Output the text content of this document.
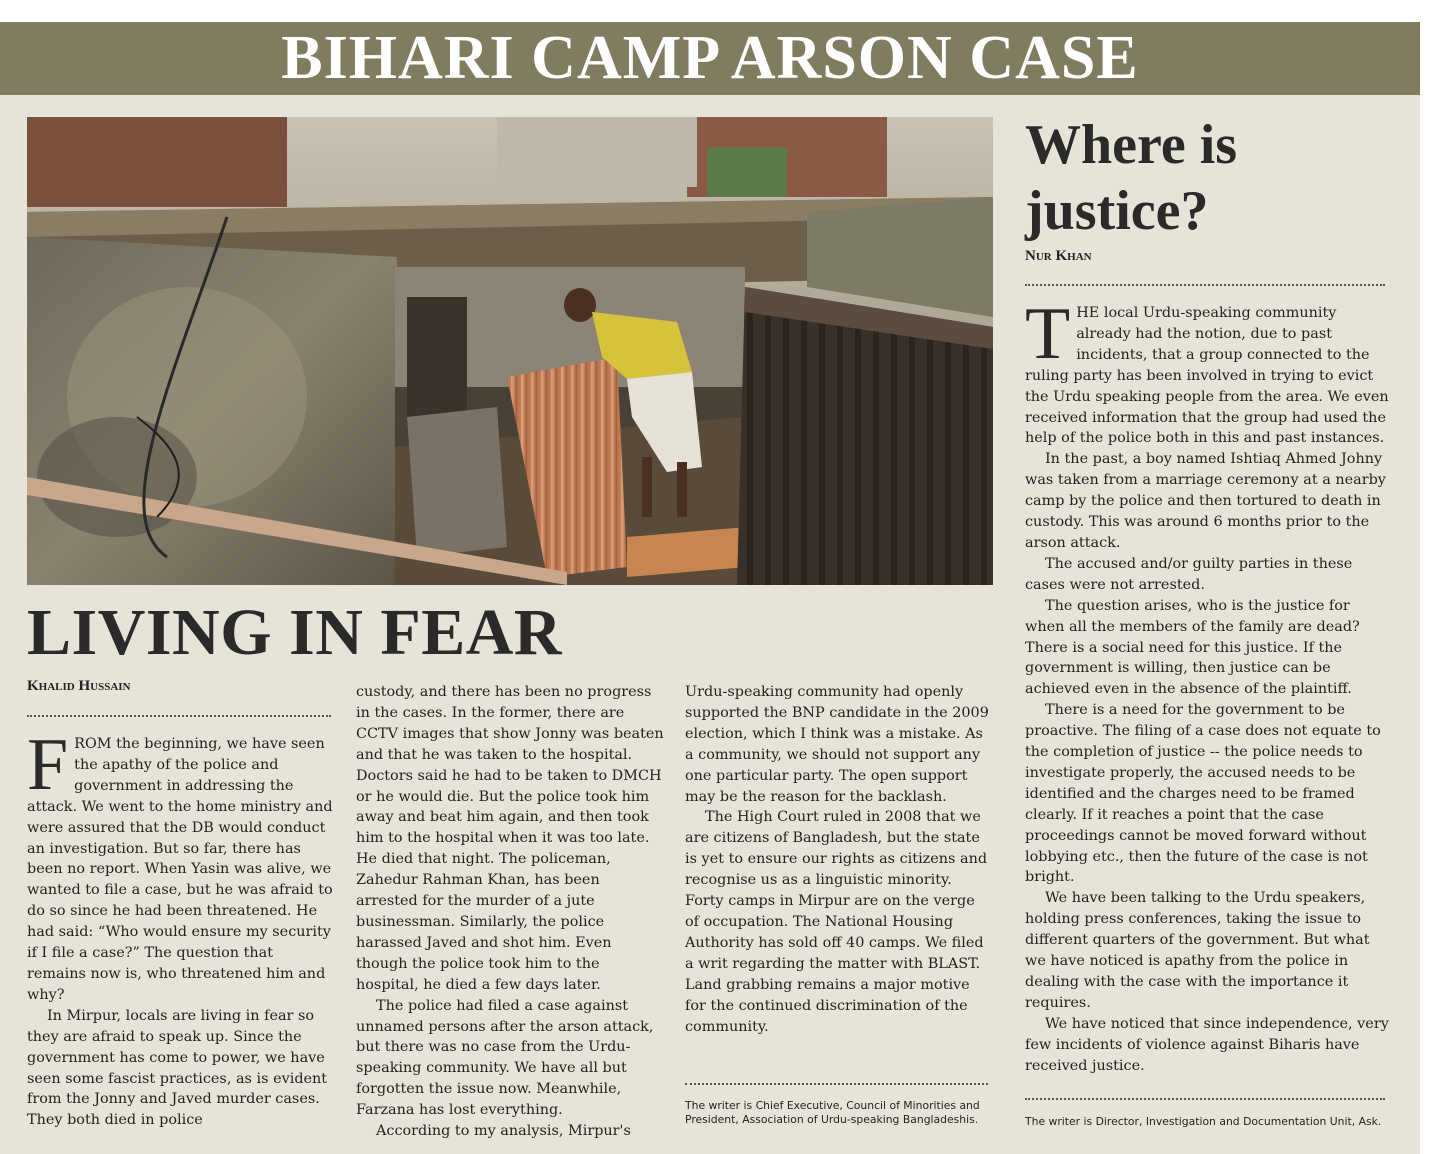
BIHARI CAMP ARSON CASE
LIVING IN FEAR
Khalid Hussain

FROM the beginning, we have seen the apathy of the police and government in addressing the attack. We went to the home ministry and were assured that the DB would conduct an investigation. But so far, there has been no report. When Yasin was alive, we wanted to file a case, but he was afraid to do so since he had been threatened. He had said: “Who would ensure my security if I file a case?” The question that remains now is, who threatened him and why?

In Mirpur, locals are living in fear so they are afraid to speak up. Since the government has come to power, we have seen some fascist practices, as is evident from the Jonny and Javed murder cases. They both died in police

custody, and there has been no progress in the cases. In the former, there are CCTV images that show Jonny was beaten and that he was taken to the hospital. Doctors said he had to be taken to DMCH or he would die. But the police took him away and beat him again, and then took him to the hospital when it was too late. He died that night. The policeman, Zahedur Rahman Khan, has been arrested for the murder of a jute businessman. Similarly, the police harassed Javed and shot him. Even though the police took him to the hospital, he died a few days later.

The police had filed a case against unnamed persons after the arson attack, but there was no case from the Urdu-speaking community. We have all but forgotten the issue now. Meanwhile, Farzana has lost everything.

According to my analysis, Mirpur's

Urdu-speaking community had openly supported the BNP candidate in the 2009 election, which I think was a mistake. As a community, we should not support any one particular party. The open support may be the reason for the backlash.

The High Court ruled in 2008 that we are citizens of Bangladesh, but the state is yet to ensure our rights as citizens and recognise us as a linguistic minority. Forty camps in Mirpur are on the verge of occupation. The National Housing Authority has sold off 40 camps. We filed a writ regarding the matter with BLAST. Land grabbing remains a major motive for the continued discrimination of the community.

The writer is Chief Executive, Council of Minorities and President, Association of Urdu-speaking Bangladeshis.
Where is justice?
Nur Khan

THE local Urdu-speaking community already had the notion, due to past incidents, that a group connected to the ruling party has been involved in trying to evict the Urdu speaking people from the area. We even received information that the group had used the help of the police both in this and past instances.

In the past, a boy named Ishtiaq Ahmed Johny was taken from a marriage ceremony at a nearby camp by the police and then tortured to death in custody. This was around 6 months prior to the arson attack.

The accused and/or guilty parties in these cases were not arrested.

The question arises, who is the justice for when all the members of the family are dead? There is a social need for this justice. If the government is willing, then justice can be achieved even in the absence of the plaintiff.

There is a need for the government to be proactive. The filing of a case does not equate to the completion of justice -- the police needs to investigate properly, the accused needs to be identified and the charges need to be framed clearly. If it reaches a point that the case proceedings cannot be moved forward without lobbying etc., then the future of the case is not bright.

We have been talking to the Urdu speakers, holding press conferences, taking the issue to different quarters of the government. But what we have noticed is apathy from the police in dealing with the case with the importance it requires.

We have noticed that since independence, very few incidents of violence against Biharis have received justice.

The writer is Director, Investigation and Documentation Unit, Ask.
